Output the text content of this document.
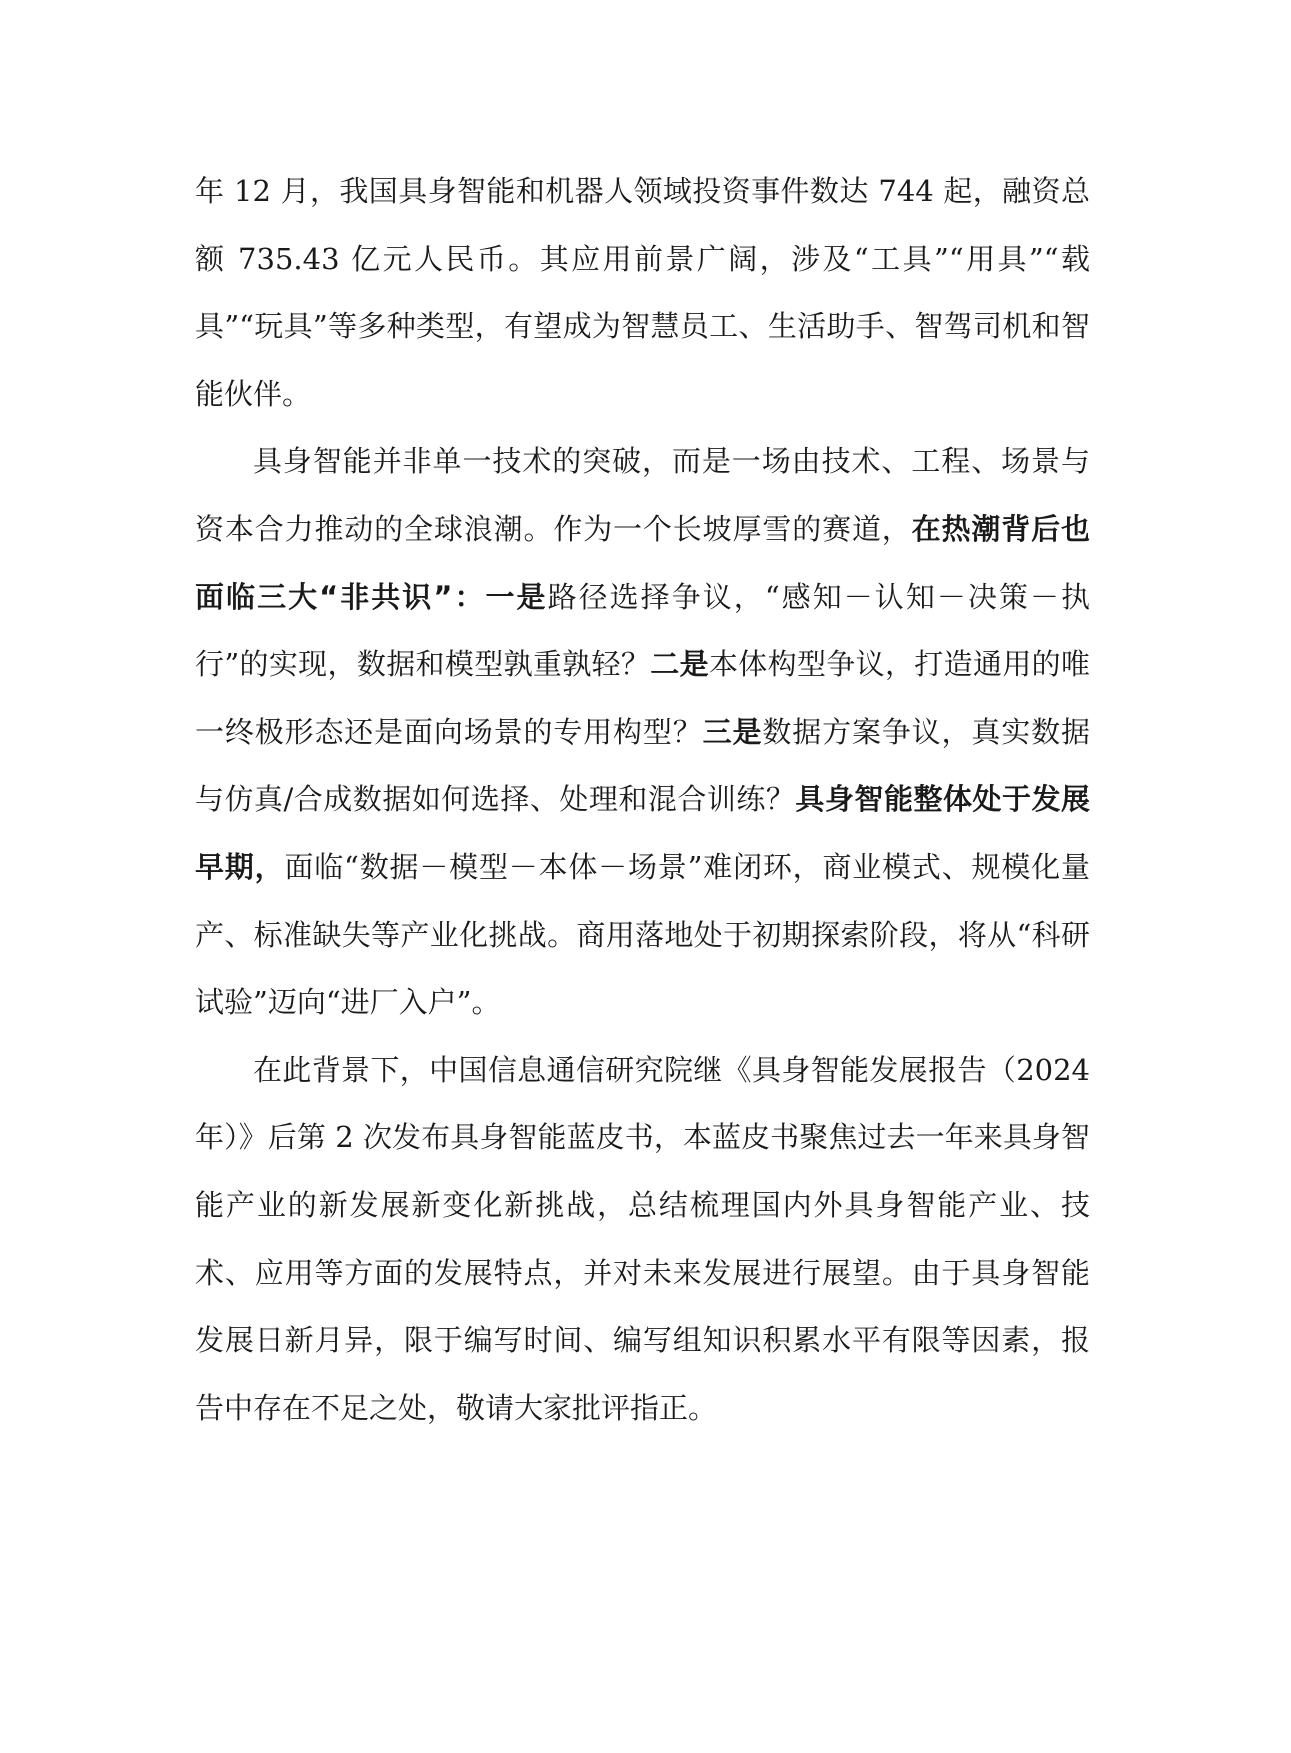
年 12 月，我国具身智能和机器人领域投资事件数达 744 起，融资总额 735.43 亿元人民币。其应用前景广阔，涉及“工具”“用具”“载具”“玩具”等多种类型，有望成为智慧员工、生活助手、智驾司机和智能伙伴。

具身智能并非单一技术的突破，而是一场由技术、工程、场景与资本合力推动的全球浪潮。作为一个长坡厚雪的赛道，在热潮背后也面临三大“非共识”：一是路径选择争议，“感知－认知－决策－执行”的实现，数据和模型孰重孰轻？二是本体构型争议，打造通用的唯一终极形态还是面向场景的专用构型？三是数据方案争议，真实数据与仿真/合成数据如何选择、处理和混合训练？具身智能整体处于发展早期，面临“数据－模型－本体－场景”难闭环，商业模式、规模化量产、标准缺失等产业化挑战。商用落地处于初期探索阶段，将从“科研试验”迈向“进厂入户”。

在此背景下，中国信息通信研究院继《具身智能发展报告（2024 年）》后第 2 次发布具身智能蓝皮书，本蓝皮书聚焦过去一年来具身智能产业的新发展新变化新挑战，总结梳理国内外具身智能产业、技术、应用等方面的发展特点，并对未来发展进行展望。由于具身智能发展日新月异，限于编写时间、编写组知识积累水平有限等因素，报告中存在不足之处，敬请大家批评指正。
